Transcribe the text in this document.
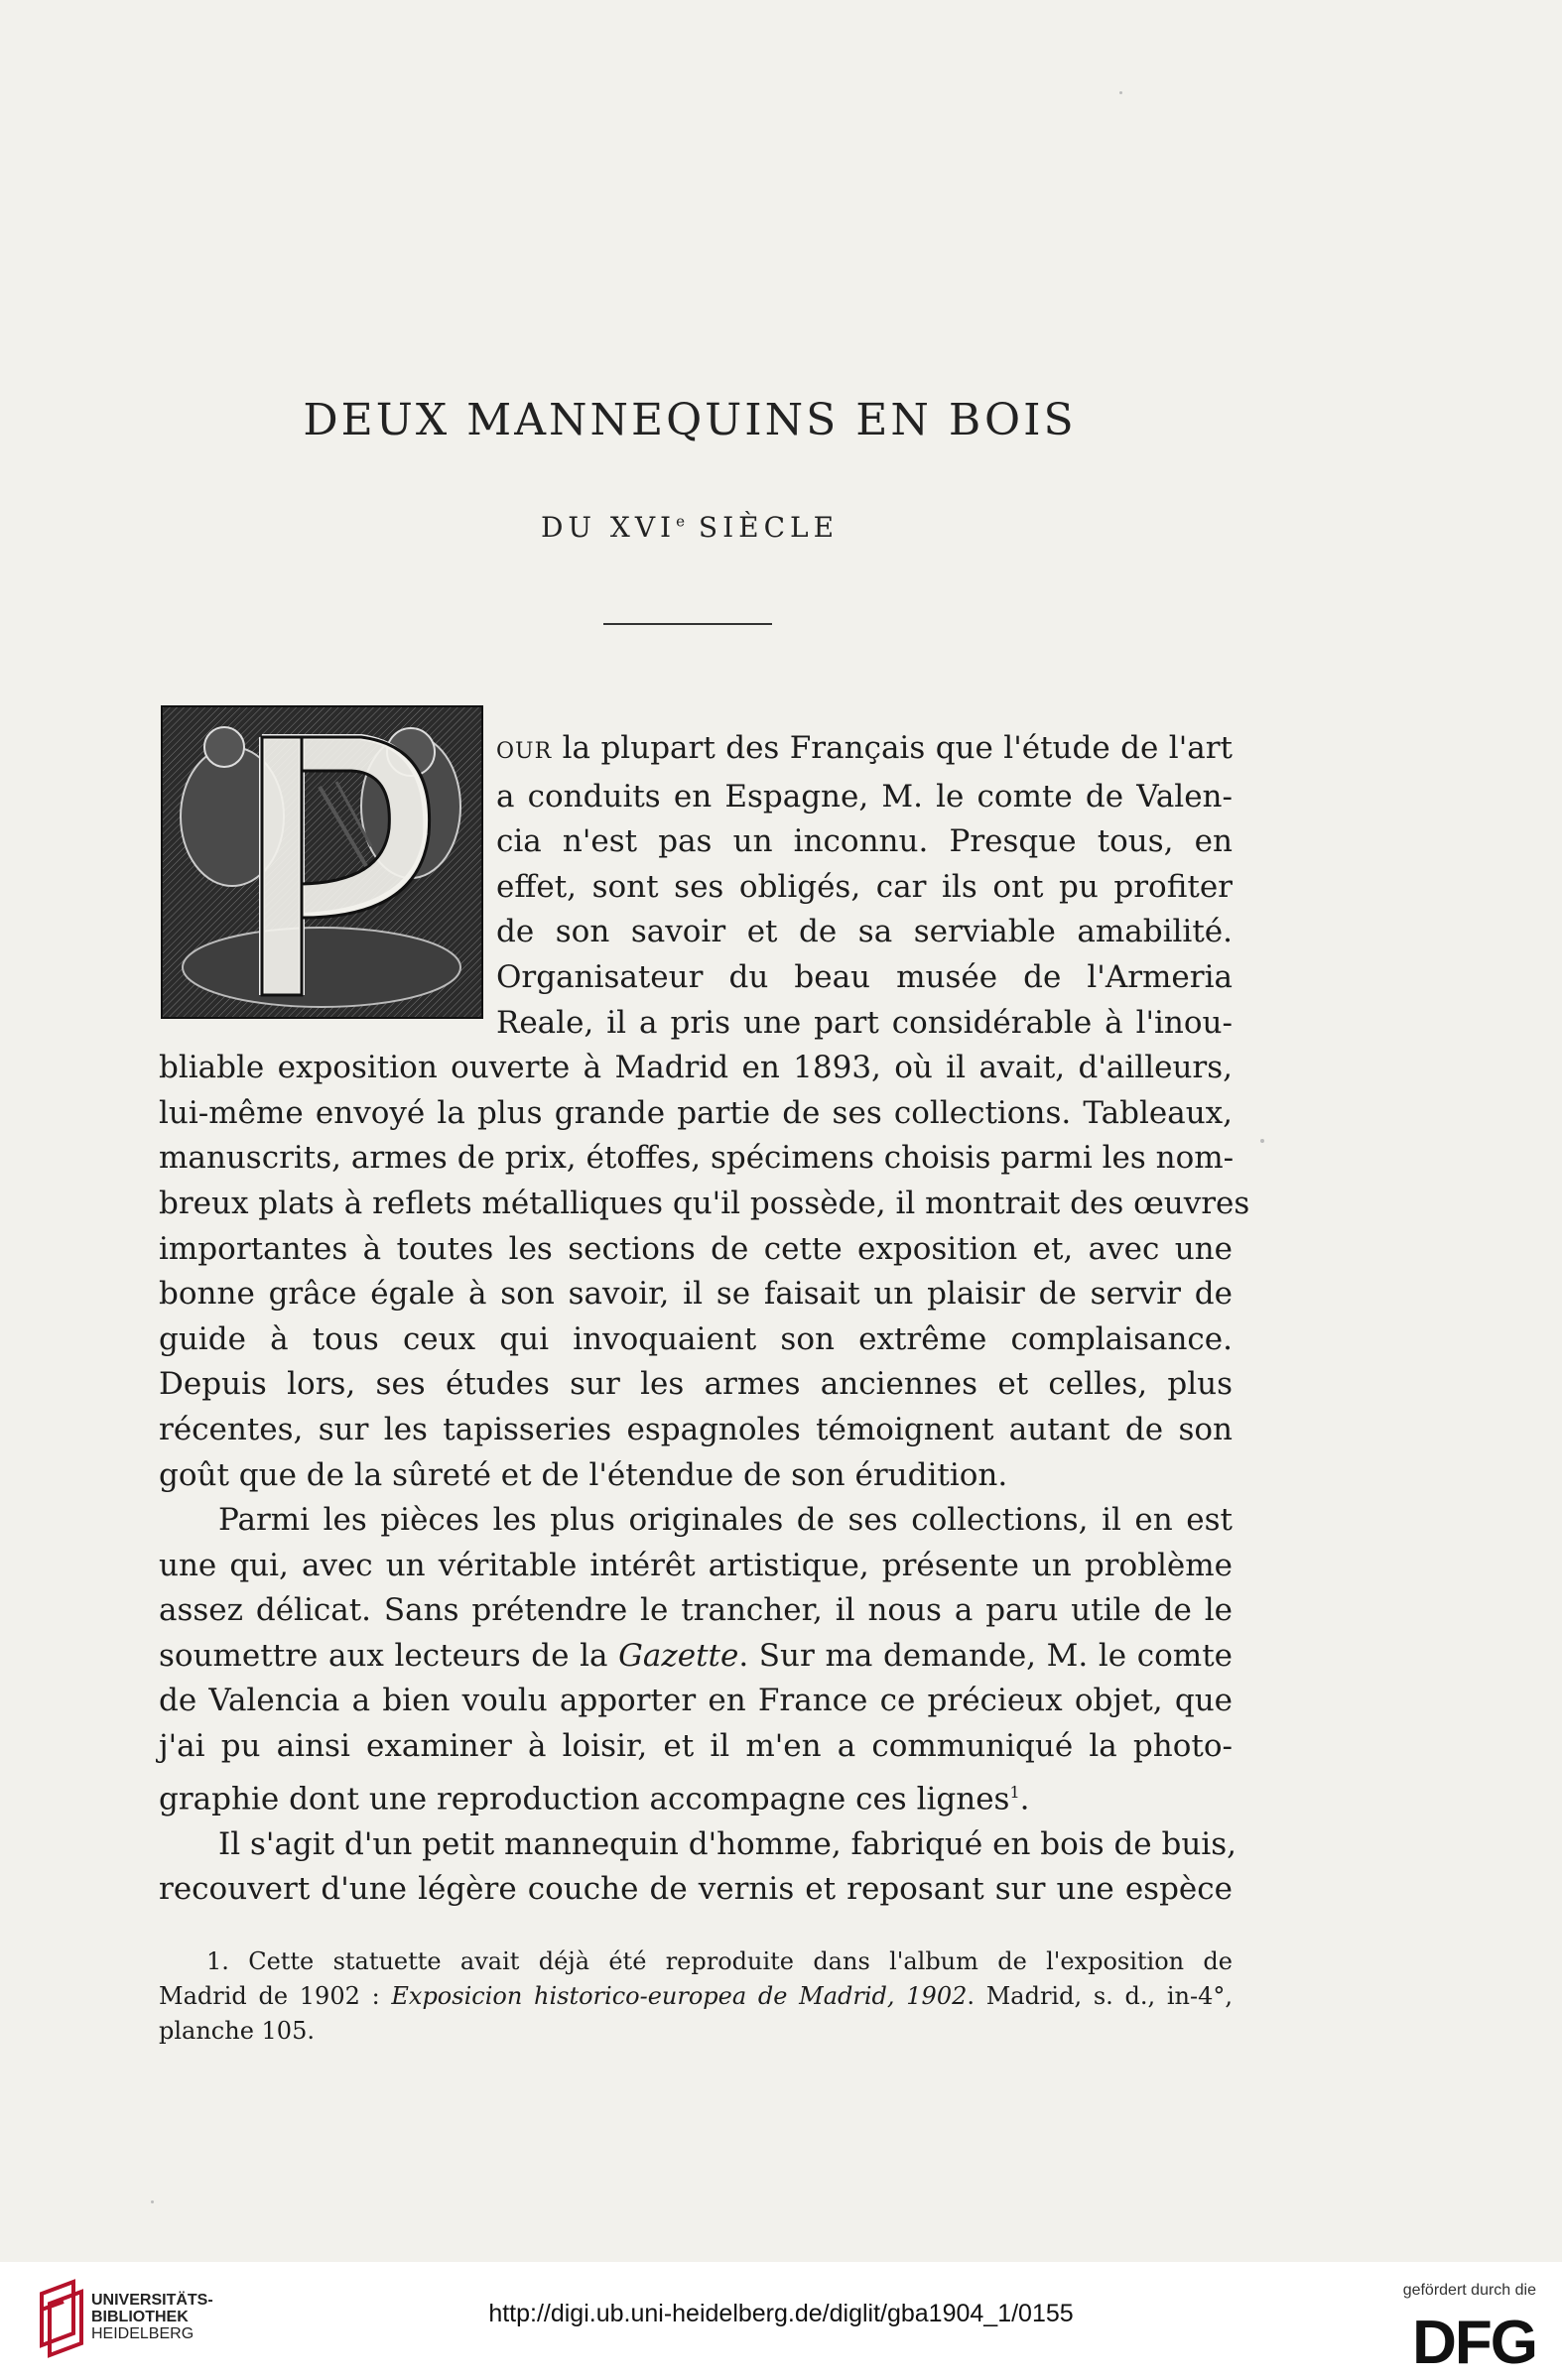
DEUX MANNEQUINS EN BOIS
DU XVIe SIÈCLE
OUR la plupart des Français que l'étude de l'art
a conduits en Espagne, M. le comte de Valen-
cia n'est pas un inconnu. Presque tous, en
effet, sont ses obligés, car ils ont pu profiter
de son savoir et de sa serviable amabilité.
Organisateur du beau musée de l'Armeria
Reale, il a pris une part considérable à l'inou-
bliable exposition ouverte à Madrid en 1893, où il avait, d'ailleurs,
lui-même envoyé la plus grande partie de ses collections. Tableaux,
manuscrits, armes de prix, étoffes, spécimens choisis parmi les nom-
breux plats à reflets métalliques qu'il possède, il montrait des œuvres
importantes à toutes les sections de cette exposition et, avec une
bonne grâce égale à son savoir, il se faisait un plaisir de servir de
guide à tous ceux qui invoquaient son extrême complaisance.
Depuis lors, ses études sur les armes anciennes et celles, plus
récentes, sur les tapisseries espagnoles témoignent autant de son
goût que de la sûreté et de l'étendue de son érudition.
Parmi les pièces les plus originales de ses collections, il en est
une qui, avec un véritable intérêt artistique, présente un problème
assez délicat. Sans prétendre le trancher, il nous a paru utile de le
soumettre aux lecteurs de la Gazette. Sur ma demande, M. le comte
de Valencia a bien voulu apporter en France ce précieux objet, que
j'ai pu ainsi examiner à loisir, et il m'en a communiqué la photo-
graphie dont une reproduction accompagne ces lignes$^1$.
Il s'agit d'un petit mannequin d'homme, fabriqué en bois de buis,
recouvert d'une légère couche de vernis et reposant sur une espèce
1. Cette statuette avait déjà été reproduite dans l'album de l'exposition de
Madrid de 1902 : Exposicion historico-europea de Madrid, 1902. Madrid, s. d., in-4°,
planche 105.
UNIVERSITÄTS-
BIBLIOTHEK
HEIDELBERG
http://digi.ub.uni-heidelberg.de/diglit/gba1904_1/0155
gefördert durch die
DFG
